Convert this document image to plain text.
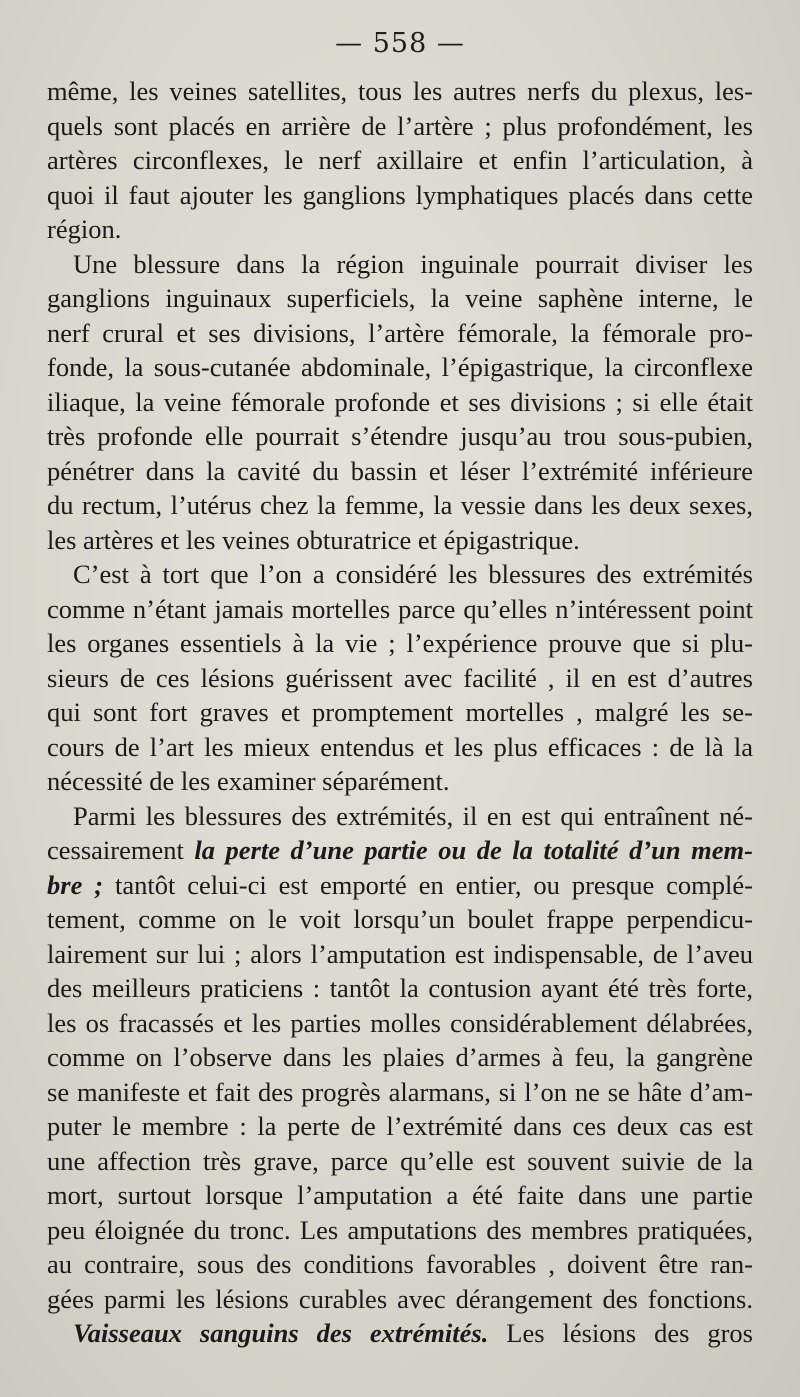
— 558 —
même, les veines satellites, tous les autres nerfs du plexus, les-
quels sont placés en arrière de l’artère ; plus profondément, les
artères circonflexes, le nerf axillaire et enfin l’articulation, à
quoi il faut ajouter les ganglions lymphatiques placés dans cette
région.
Une blessure dans la région inguinale pourrait diviser les
ganglions inguinaux superficiels, la veine saphène interne, le
nerf crural et ses divisions, l’artère fémorale, la fémorale pro-
fonde, la sous-cutanée abdominale, l’épigastrique, la circonflexe
iliaque, la veine fémorale profonde et ses divisions ; si elle était
très profonde elle pourrait s’étendre jusqu’au trou sous-pubien,
pénétrer dans la cavité du bassin et léser l’extrémité inférieure
du rectum, l’utérus chez la femme, la vessie dans les deux sexes,
les artères et les veines obturatrice et épigastrique.
C’est à tort que l’on a considéré les blessures des extrémités
comme n’étant jamais mortelles parce qu’elles n’intéressent point
les organes essentiels à la vie ; l’expérience prouve que si plu-
sieurs de ces lésions guérissent avec facilité , il en est d’autres
qui sont fort graves et promptement mortelles , malgré les se-
cours de l’art les mieux entendus et les plus efficaces : de là la
nécessité de les examiner séparément.
Parmi les blessures des extrémités, il en est qui entraînent né-
cessairement la perte d’une partie ou de la totalité d’un mem-
bre ; tantôt celui-ci est emporté en entier, ou presque complé-
tement, comme on le voit lorsqu’un boulet frappe perpendicu-
lairement sur lui ; alors l’amputation est indispensable, de l’aveu
des meilleurs praticiens : tantôt la contusion ayant été très forte,
les os fracassés et les parties molles considérablement délabrées,
comme on l’observe dans les plaies d’armes à feu, la gangrène
se manifeste et fait des progrès alarmans, si l’on ne se hâte d’am-
puter le membre : la perte de l’extrémité dans ces deux cas est
une affection très grave, parce qu’elle est souvent suivie de la
mort, surtout lorsque l’amputation a été faite dans une partie
peu éloignée du tronc. Les amputations des membres pratiquées,
au contraire, sous des conditions favorables , doivent être ran-
gées parmi les lésions curables avec dérangement des fonctions.
Vaisseaux sanguins des extrémités. Les lésions des gros
